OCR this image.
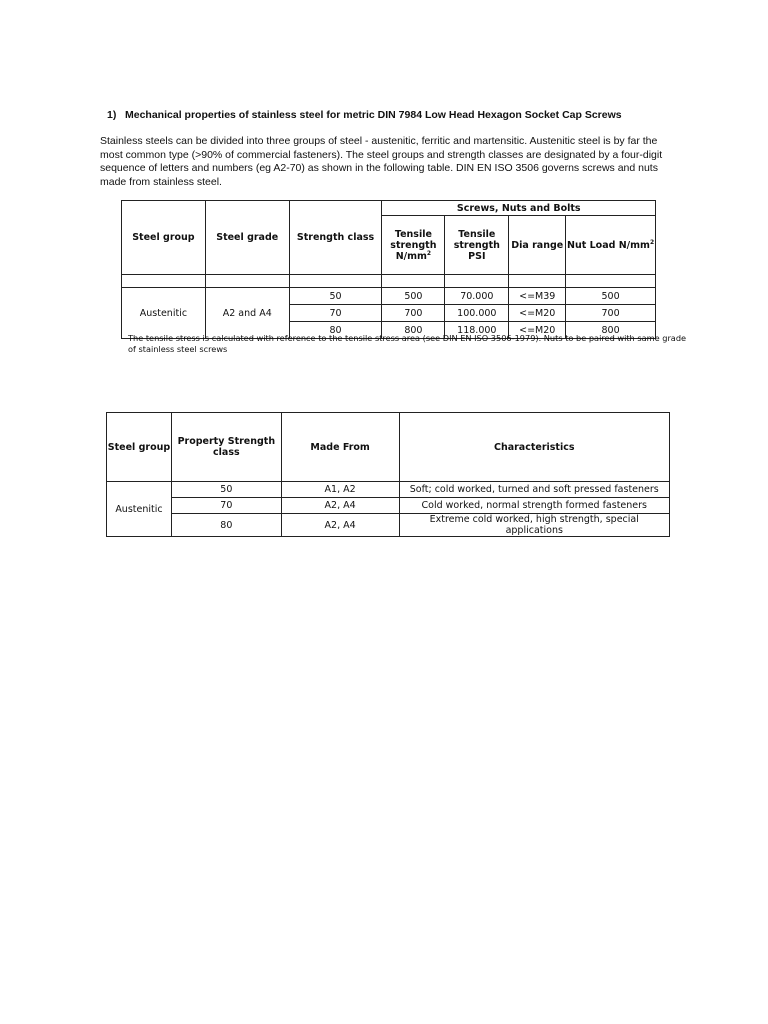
1) Mechanical properties of stainless steel for metric DIN 7984 Low Head Hexagon Socket Cap Screws
Stainless steels can be divided into three groups of steel - austenitic, ferritic and martensitic. Austenitic steel is by far the most common type (>90% of commercial fasteners). The steel groups and strength classes are designated by a four-digit sequence of letters and numbers (eg A2-70) as shown in the following table. DIN EN ISO 3506 governs screws and nuts made from stainless steel.
Steel group	Steel grade	Strength class	Screws, Nuts and Bolts			
			Tensile strength $N/mm^2$	Tensile strength PSI	Dia range	Nut Load $N/mm^2$

Austenitic	A2 and A4	50	500	70.000	<=M39	500
		70	700	100.000	<=M20	700
		80	800	118.000	<=M20	800
The tensile stress is calculated with reference to the tensile stress area (see DIN EN ISO 3506-1979). Nuts to be paired with same grade of stainless steel screws
Steel group	Property Strength class	Made From	Characteristics
Austenitic	50	A1, A2	Soft; cold worked, turned and soft pressed fasteners
	70	A2, A4	Cold worked, normal strength formed fasteners
	80	A2, A4	Extreme cold worked, high strength, special applications
